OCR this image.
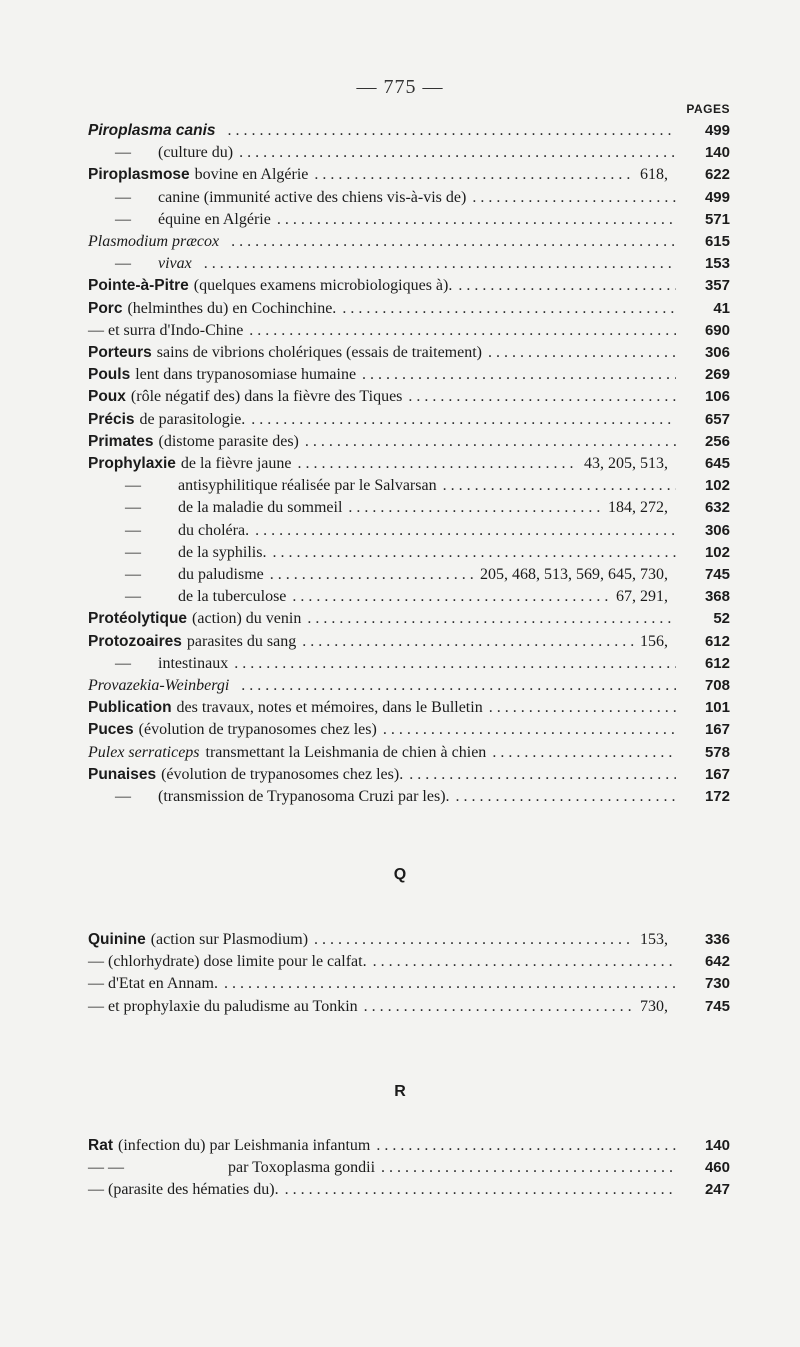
— 775 —
PAGES
Piroplasma canis . . .	499
—	(culture du) . . .	140
Piroplasmose bovine en Algérie . . .	618,	622
—	canine (immunité active des chiens vis-à-vis de) . . .	499
—	équine en Algérie . . .	571
Plasmodium præcox . . .	615
—	vivax . . .	153
Pointe-à-Pitre (quelques examens microbiologiques à). . . .	357
Porc (helminthes du) en Cochinchine. . . .	41
— et surra d'Indo-Chine . . .	690
Porteurs sains de vibrions cholériques (essais de traitement) . . .	306
Pouls lent dans trypanosomiase humaine . . .	269
Poux (rôle négatif des) dans la fièvre des Tiques . . .	106
Précis de parasitologie. . . .	657
Primates (distome parasite des) . . .	256
Prophylaxie de la fièvre jaune . . .	43, 205, 513,	645
—	antisyphilitique réalisée par le Salvarsan . . .	102
—	de la maladie du sommeil . . .	184, 272,	632
—	du choléra. . . .	306
—	de la syphilis. . . .	102
—	du paludisme . . .	205, 468, 513, 569, 645, 730,	745
—	de la tuberculose . . .	67, 291,	368
Protéolytique (action) du venin . . .	52
Protozoaires parasites du sang . . .	156,	612
—	intestinaux . . .	612
Provazekia-Weinbergi . . .	708
Publication des travaux, notes et mémoires, dans le Bulletin . . .	101
Puces (évolution de trypanosomes chez les) . . .	167
Pulex serraticeps transmettant la Leishmania de chien à chien . . .	578
Punaises (évolution de trypanosomes chez les). . . .	167
—	(transmission de Trypanosoma Cruzi par les). . . .	172
Quinine (action sur Plasmodium) . . .	153,	336
— (chlorhydrate) dose limite pour le calfat. . . .	642
— d'Etat en Annam. . . .	730
— et prophylaxie du paludisme au Tonkin . . .	730,	745
Rat (infection du) par Leishmania infantum . . .	140
— —	par Toxoplasma gondii . . .	460
— (parasite des hématies du). . . .	247
Q
R
